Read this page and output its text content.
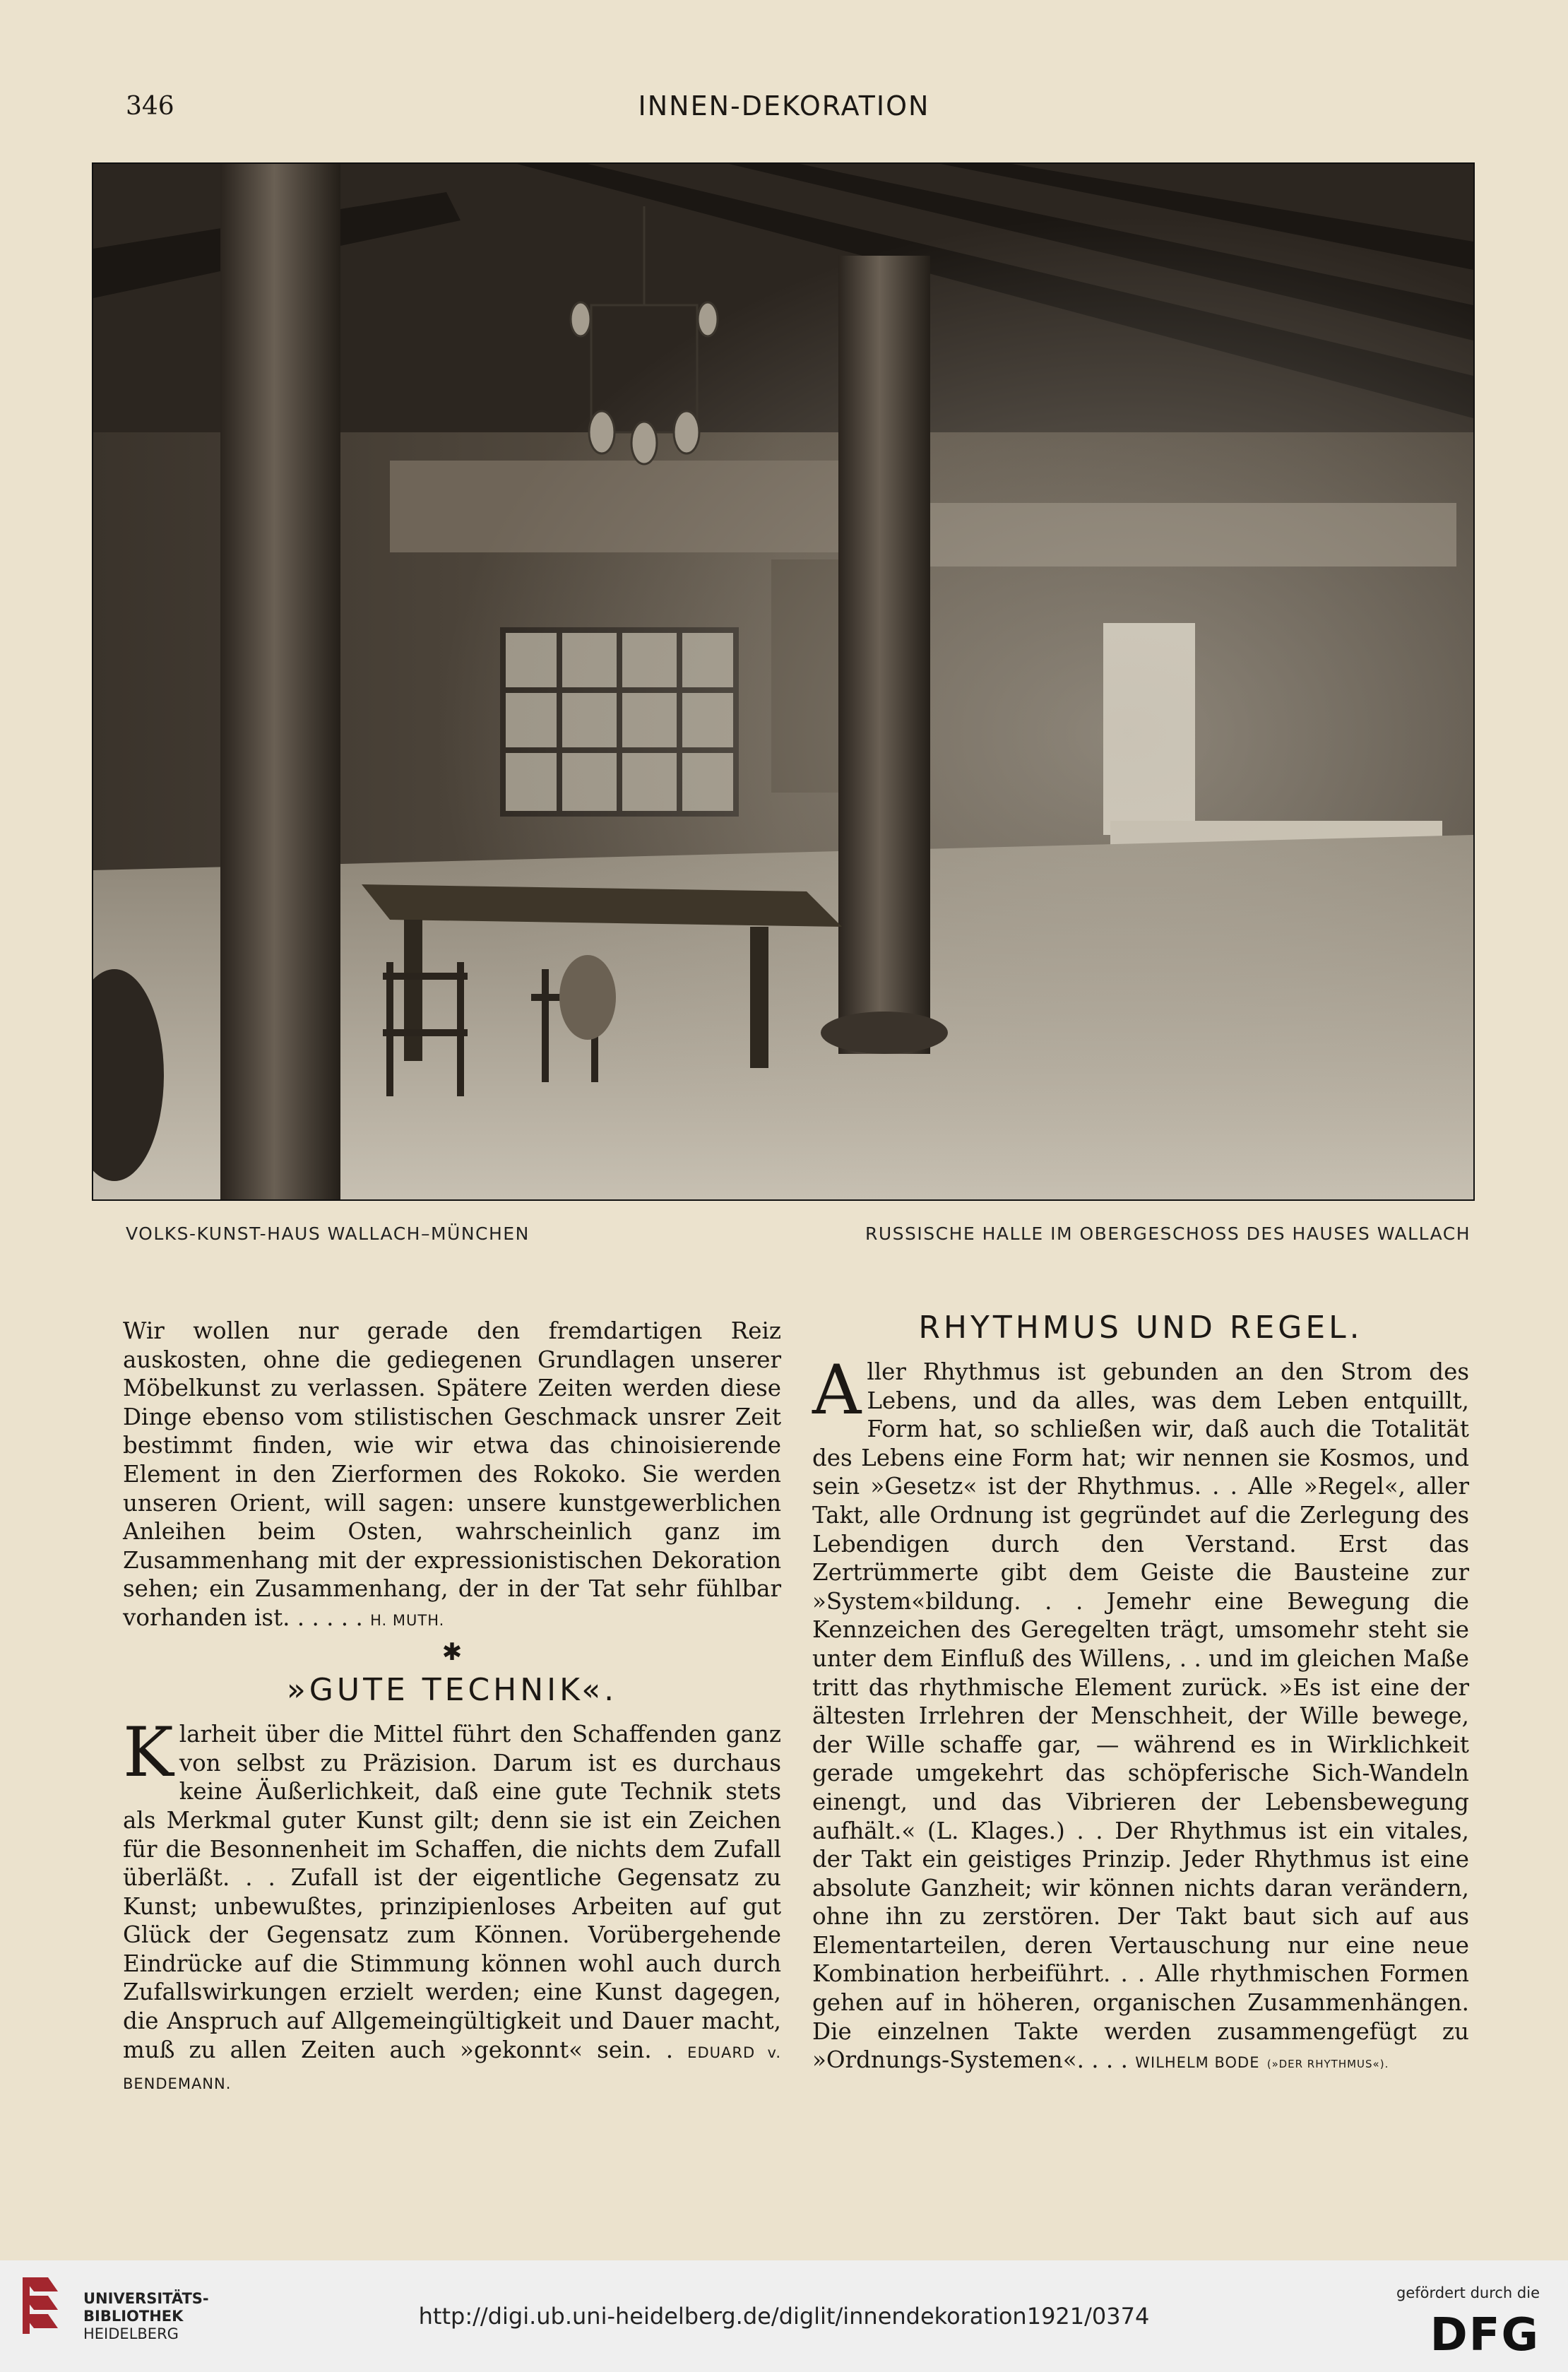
346	INNEN-DEKORATION
VOLKS-KUNST-HAUS WALLACH–MÜNCHEN	RUSSISCHE HALLE IM OBERGESCHOSS DES HAUSES WALLACH

Wir wollen nur gerade den fremdartigen Reiz auskosten, ohne die gediegenen Grundlagen unserer Möbelkunst zu verlassen. Spätere Zeiten werden diese Dinge ebenso vom stilistischen Geschmack unsrer Zeit bestimmt finden, wie wir etwa das chinoisierende Element in den Zierformen des Rokoko. Sie werden unseren Orient, will sagen: unsere kunstgewerblichen Anleihen beim Osten, wahrscheinlich ganz im Zusammenhang mit der expressionistischen Dekoration sehen; ein Zusammenhang, der in der Tat sehr fühlbar vorhanden ist. . . . . . H. MUTH.

✱
»GUTE TECHNIK«.

K larheit über die Mittel führt den Schaffenden ganz von selbst zu Präzision. Darum ist es durchaus keine Äußerlichkeit, daß eine gute Technik stets als Merkmal guter Kunst gilt; denn sie ist ein Zeichen für die Besonnenheit im Schaffen, die nichts dem Zufall überläßt. . . Zufall ist der eigentliche Gegensatz zu Kunst; unbewußtes, prinzipienloses Arbeiten auf gut Glück der Gegensatz zum Können. Vorübergehende Eindrücke auf die Stimmung können wohl auch durch Zufallswirkungen erzielt werden; eine Kunst dagegen, die Anspruch auf Allgemeingültigkeit und Dauer macht, muß zu allen Zeiten auch »gekonnt« sein. . EDUARD v. BENDEMANN.

RHYTHMUS UND REGEL.

A ller Rhythmus ist gebunden an den Strom des Lebens, und da alles, was dem Leben entquillt, Form hat, so schließen wir, daß auch die Totalität des Lebens eine Form hat; wir nennen sie Kosmos, und sein »Gesetz« ist der Rhythmus. . . Alle »Regel«, aller Takt, alle Ordnung ist gegründet auf die Zerlegung des Lebendigen durch den Verstand. Erst das Zertrümmerte gibt dem Geiste die Bausteine zur »System«bildung. . . Jemehr eine Bewegung die Kennzeichen des Geregelten trägt, umsomehr steht sie unter dem Einfluß des Willens, . . und im gleichen Maße tritt das rhythmische Element zurück. »Es ist eine der ältesten Irrlehren der Menschheit, der Wille bewege, der Wille schaffe gar, — während es in Wirklichkeit gerade umgekehrt das schöpferische Sich-Wandeln einengt, und das Vibrieren der Lebensbewegung aufhält.« (L. Klages.) . . Der Rhythmus ist ein vitales, der Takt ein geistiges Prinzip. Jeder Rhythmus ist eine absolute Ganzheit; wir können nichts daran verändern, ohne ihn zu zerstören. Der Takt baut sich auf aus Elementarteilen, deren Vertauschung nur eine neue Kombination herbeiführt. . . Alle rhythmischen Formen gehen auf in höheren, organischen Zusammenhängen. Die einzelnen Takte werden zusammengefügt zu »Ordnungs-Systemen«. . . . WILHELM BODE (»DER RHYTHMUS«).

UNIVERSITÄTS-
BIBLIOTHEK
HEIDELBERG
http://digi.ub.uni-heidelberg.de/diglit/innendekoration1921/0374
gefördert durch die
DFG
